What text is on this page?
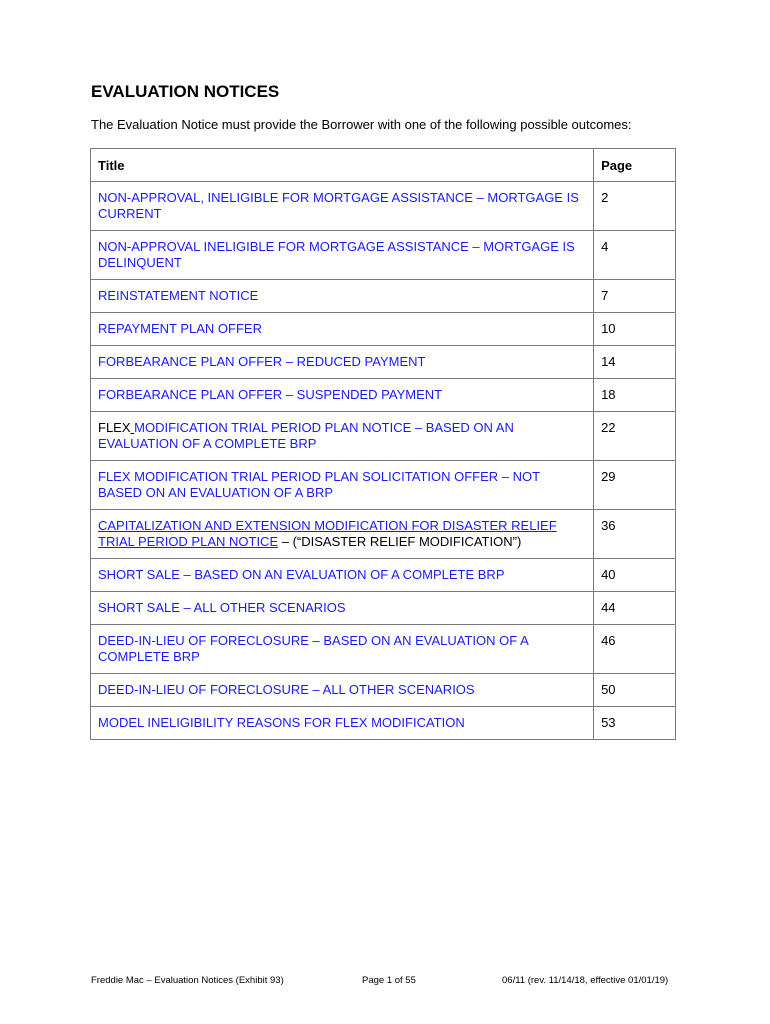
EVALUATION NOTICES

The Evaluation Notice must provide the Borrower with one of the following possible outcomes:

Title	Page
NON-APPROVAL, INELIGIBLE FOR MORTGAGE ASSISTANCE – MORTGAGE IS CURRENT	2
NON-APPROVAL INELIGIBLE FOR MORTGAGE ASSISTANCE – MORTGAGE IS DELINQUENT	4
REINSTATEMENT NOTICE	7
REPAYMENT PLAN OFFER	10
FORBEARANCE PLAN OFFER – REDUCED PAYMENT	14
FORBEARANCE PLAN OFFER – SUSPENDED PAYMENT	18
FLEX MODIFICATION TRIAL PERIOD PLAN NOTICE – BASED ON AN EVALUATION OF A COMPLETE BRP	22
FLEX MODIFICATION TRIAL PERIOD PLAN SOLICITATION OFFER – NOT BASED ON AN EVALUATION OF A BRP	29
CAPITALIZATION AND EXTENSION MODIFICATION FOR DISASTER RELIEF TRIAL PERIOD PLAN NOTICE – (“DISASTER RELIEF MODIFICATION”)	36
SHORT SALE – BASED ON AN EVALUATION OF A COMPLETE BRP	40
SHORT SALE – ALL OTHER SCENARIOS	44
DEED-IN-LIEU OF FORECLOSURE – BASED ON AN EVALUATION OF A COMPLETE BRP	46
DEED-IN-LIEU OF FORECLOSURE – ALL OTHER SCENARIOS	50
MODEL INELIGIBILITY REASONS FOR FLEX MODIFICATION	53

Freddie Mac – Evaluation Notices (Exhibit 93)	Page 1 of 55	06/11 (rev. 11/14/18, effective 01/01/19)
